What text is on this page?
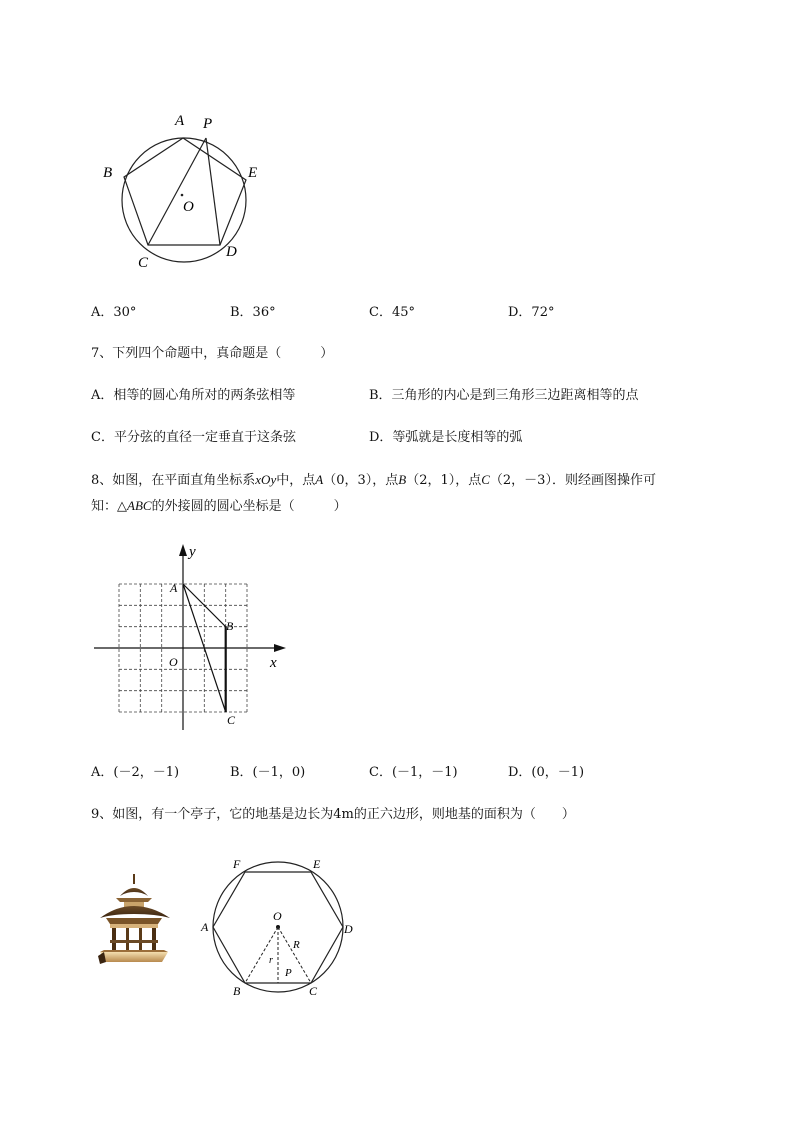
A P
B	E
O
C
D
A．30°	B．36°	C．45°	D．72°
7、下列四个命题中，真命题是（　　　）
A．相等的圆心角所对的两条弦相等	B．三角形的内心是到三角形三边距离相等的点
C．平分弦的直径一定垂直于这条弦	D．等弧就是长度相等的弧
8、如图，在平面直角坐标系xOy中，点A（0，3），点B（2，1），点C（2，－3）．则经画图操作可
知：△ABC的外接圆的圆心坐标是（　　　）
y
x
A
B
C
O
A．(－2，－1)	B．(－1，0)	C．(－1，－1)	D．(0，－1)
9、如图，有一个亭子，它的地基是边长为4m的正六边形，则地基的面积为（　　）
F	E
A	D
B	C
O
R
r
P
